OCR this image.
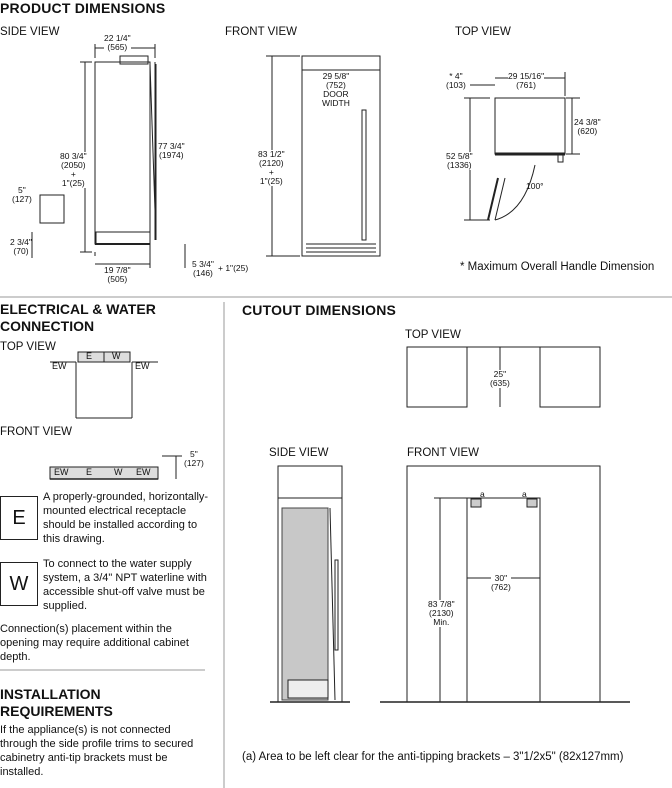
PRODUCT DIMENSIONS
SIDE VIEW	FRONT VIEW	TOP VIEW
22 1/4"
(565)
80 3/4"
(2050)
+
1"(25)
77 3/4"
(1974)
5"
(127)
2 3/4"
(70)
19 7/8"
(505)
5 3/4"
(146) + 1"(25)
29 5/8"
(752)
DOOR
WIDTH
83 1/2"
(2120)
+
1"(25)
* 4"
(103)
29 15/16"
(761)
24 3/8"
(620)
52 5/8"
(1336)
100°
* Maximum Overall Handle Dimension
ELECTRICAL & WATER
CONNECTION
TOP VIEW
EW
E W
EW
FRONT VIEW
EW E W EW
5"
(127)
E
A properly-grounded, horizontally-mounted electrical receptacle should be installed according to this drawing.
W
To connect to the water supply system, a 3/4" NPT waterline with accessible shut-off valve must be supplied.
Connection(s) placement within the opening may require additional cabinet depth.
INSTALLATION
REQUIREMENTS
If the appliance(s) is not connected through the side profile trims to secured cabinetry anti-tip brackets must be installed.
CUTOUT DIMENSIONS
TOP VIEW
25"
(635)
SIDE VIEW	FRONT VIEW
30"
(762)
83 7/8"
(2130)
Min.
a	a
(a) Area to be left clear for the anti-tipping brackets – 3"1/2x5" (82x127mm)
